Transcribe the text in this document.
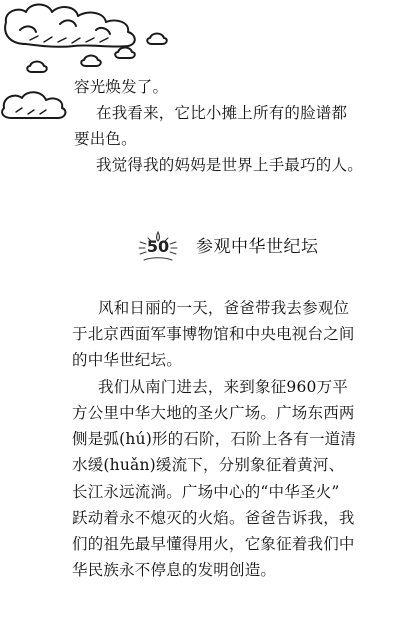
容光焕发了。

在我看来，它比小摊上所有的脸谱都

要出色。

我觉得我的妈妈是世界上手最巧的人。

50	参观中华世纪坛

风和日丽的一天，爸爸带我去参观位

于北京西面军事博物馆和中央电视台之间

的中华世纪坛。

我们从南门进去，来到象征960万平

方公里中华大地的圣火广场。广场东西两

侧是弧(hú)形的石阶，石阶上各有一道清

水缓(huǎn)缓流下，分别象征着黄河、

长江永远流淌。广场中心的“中华圣火”

跃动着永不熄灭的火焰。爸爸告诉我，我

们的祖先最早懂得用火，它象征着我们中

华民族永不停息的发明创造。
